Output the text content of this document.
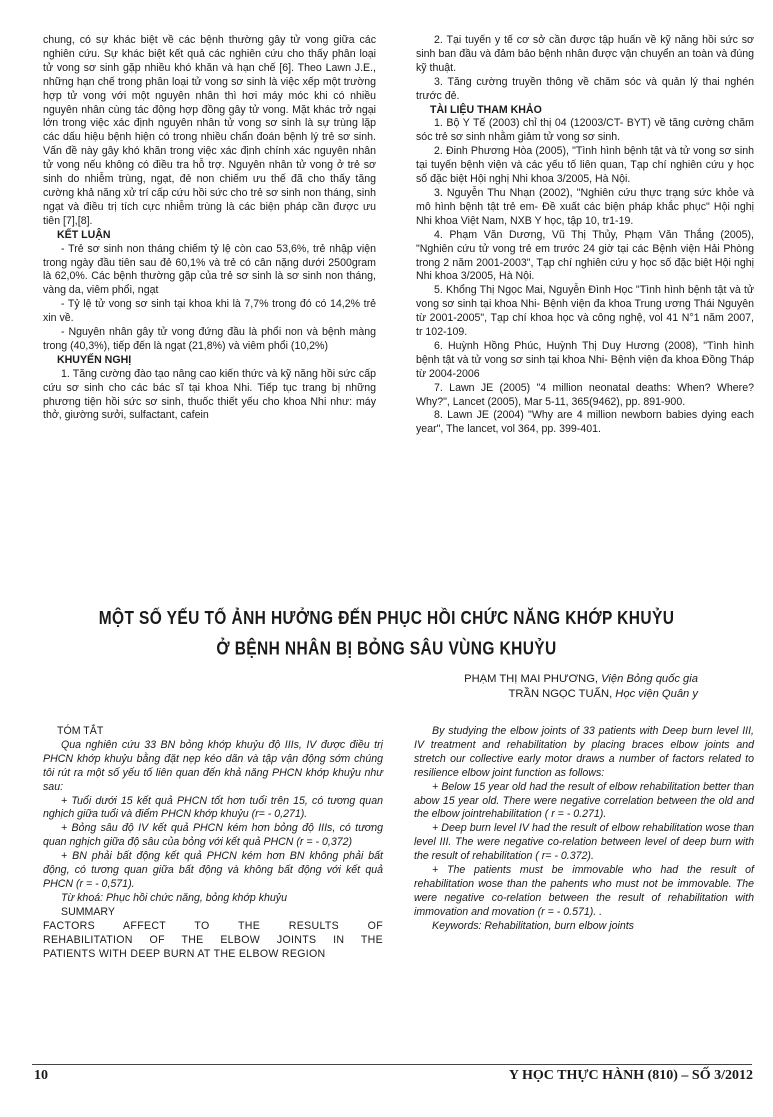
chung, có sự khác biệt về các bệnh thường gây tử vong giữa các nghiên cứu. Sự khác biệt kết quả các nghiên cứu cho thấy phân loại tử vong sơ sinh gặp nhiều khó khăn và hạn chế [6]. Theo Lawn J.E., những hạn chế trong phân loại tử vong sơ sinh là việc xếp một trường hợp tử vong với một nguyên nhân thì hơi máy móc khi có nhiều nguyên nhân cùng tác động hợp đồng gây tử vong. Mặt khác trở ngại lớn trong việc xác định nguyên nhân tử vong sơ sinh là sự trùng lặp các dấu hiệu bệnh hiện có trong nhiều chẩn đoán bệnh lý trẻ sơ sinh. Vấn đề này gây khó khăn trong việc xác định chính xác nguyên nhân tử vong nếu không có điều tra hỗ trợ. Nguyên nhân tử vong ở trẻ sơ sinh do nhiễm trùng, ngạt, đẻ non chiếm ưu thế đã cho thấy tăng cường khả năng xử trí cấp cứu hồi sức cho trẻ sơ sinh non tháng, sinh ngạt và điều trị tích cực nhiễm trùng là các biện pháp cần được ưu tiên [7],[8].

KẾT LUẬN

- Trẻ sơ sinh non tháng chiếm tỷ lệ còn cao 53,6%, trẻ nhập viện trong ngày đầu tiên sau đẻ 60,1% và trẻ có cân nặng dưới 2500gram là 62,0%. Các bệnh thường gặp của trẻ sơ sinh là sơ sinh non tháng, vàng da, viêm phổi, ngạt

- Tỷ lệ tử vong sơ sinh tại khoa khi là 7,7% trong đó có 14,2% trẻ xin về.

- Nguyên nhân gây tử vong đứng đầu là phổi non và bệnh màng trong (40,3%), tiếp đến là ngạt (21,8%) và viêm phổi (10,2%)

KHUYẾN NGHỊ

1. Tăng cường đào tạo nâng cao kiến thức và kỹ năng hồi sức cấp cứu sơ sinh cho các bác sĩ tại khoa Nhi. Tiếp tục trang bị những phương tiện hồi sức sơ sinh, thuốc thiết yếu cho khoa Nhi như: máy thở, giường sưởi, sulfactant, cafein

2. Tại tuyến y tế cơ sở cần được tập huấn về kỹ năng hồi sức sơ sinh ban đầu và đảm bảo bệnh nhân được vận chuyển an toàn và đúng kỹ thuật.

3. Tăng cường truyền thông về chăm sóc và quản lý thai nghén trước đẻ.

TÀI LIỆU THAM KHẢO

1. Bộ Y Tế (2003) chỉ thị 04 (12003/CT- BYT) về tăng cường chăm sóc trẻ sơ sinh nhằm giảm tử vong sơ sinh.

2. Đinh Phương Hòa (2005), "Tình hình bệnh tật và tử vong sơ sinh tại tuyến bệnh viện và các yếu tố liên quan, Tạp chí nghiên cứu y học số đặc biệt Hội nghị Nhi khoa 3/2005, Hà Nội.

3. Nguyễn Thu Nhạn (2002), "Nghiên cứu thực trạng sức khỏe và mô hình bệnh tật trẻ em- Đề xuất các biện pháp khắc phục" Hội nghị Nhi khoa Việt Nam, NXB Y học, tập 10, tr1-19.

4. Phạm Văn Dương, Vũ Thị Thủy, Phạm Văn Thắng (2005), "Nghiên cứu tử vong trẻ em trước 24 giờ tại các Bệnh viện Hải Phòng trong 2 năm 2001-2003", Tạp chí nghiên cứu y học số đặc biệt Hội nghị Nhi khoa 3/2005, Hà Nội.

5. Khổng Thị Ngọc Mai, Nguyễn Đình Học "Tình hình bệnh tật và tử vong sơ sinh tại khoa Nhi- Bệnh viện đa khoa Trung ương Thái Nguyên từ 2001-2005", Tạp chí khoa học và công nghệ, vol 41 N°1 năm 2007, tr 102-109.

6. Huỳnh Hồng Phúc, Huỳnh Thị Duy Hương (2008), "Tình hình bệnh tật và tử vong sơ sinh tại khoa Nhi- Bệnh viện đa khoa Đồng Tháp từ 2004-2006

7. Lawn JE (2005) "4 million neonatal deaths: When? Where? Why?", Lancet (2005), Mar 5-11, 365(9462), pp. 891-900.

8. Lawn JE (2004) "Why are 4 million newborn babies dying each year", The lancet, vol 364, pp. 399-401.

MỘT SỐ YẾU TỐ ẢNH HƯỞNG ĐẾN PHỤC HỒI CHỨC NĂNG KHỚP KHUỶU
Ở BỆNH NHÂN BỊ BỎNG SÂU VÙNG KHUỶU
PHẠM THỊ MAI PHƯƠNG, Viện Bỏng quốc gia
TRẦN NGỌC TUẤN, Học viện Quân y

TÓM TẮT

Qua nghiên cứu 33 BN bỏng khớp khuỷu độ IIIs, IV được điều trị PHCN khớp khuỷu bằng đặt nẹp kéo dãn và tập vận động sớm chúng tôi rút ra một số yếu tố liên quan đến khả năng PHCN khớp khuỷu như sau:

+ Tuổi dưới 15 kết quả PHCN tốt hơn tuổi trên 15, có tương quan nghịch giữa tuổi và điểm PHCN khớp khuỷu (r= - 0,271).

+ Bỏng sâu độ IV kết quả PHCN kém hơn bỏng độ IIIs, có tương quan nghịch giữa độ sâu của bỏng với kết quả PHCN (r = - 0,372)

+ BN phải bất động kết quả PHCN kém hơn BN không phải bất động, có tương quan giữa bất động và không bất động với kết quả PHCN (r = - 0,571).

Từ khoá: Phục hồi chức năng, bỏng khớp khuỷu

SUMMARY

FACTORS AFFECT TO THE RESULTS OF

REHABILITATION OF THE ELBOW JOINTS IN THE

PATIENTS WITH DEEP BURN AT THE ELBOW REGION

By studying the elbow joints of 33 patients with Deep burn level III, IV treatment and rehabilitation by placing braces elbow joints and stretch our collective early motor draws a number of factors related to resilience elbow joint function as follows:

+ Below 15 year old had the result of elbow rehabilitation better than abow 15 year old. There were negative correlation between the old and the elbow jointrehabilitation ( r = - 0.271).

+ Deep burn level IV had the result of elbow rehabilitation wose than level III. The were negative co-relation between level of deep burn with the result of rehabilitation ( r= - 0.372).

+ The patients must be immovable who had the result of rehabilitation wose than the pahents who must not be immovable. The were negative co-relation between the result of rehabilitation with immovation and movation (r = - 0.571). .

Keywords: Rehabilitation, burn elbow joints

10	Y HỌC THỰC HÀNH (810) – SỐ 3/2012
